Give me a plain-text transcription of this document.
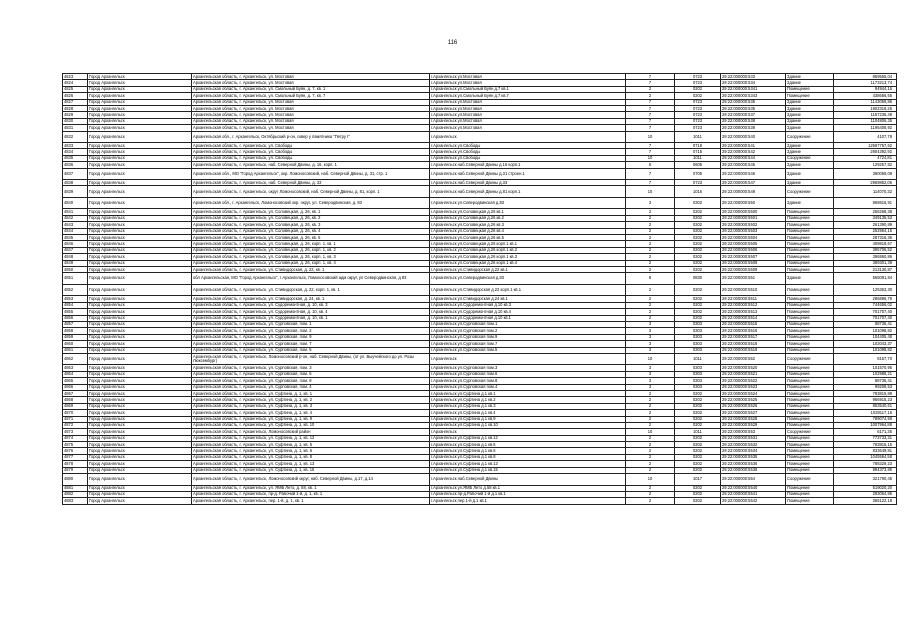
116
4823	Город Архангельск	Архангельская область, г. Архангельск, ул. Мостовая	г.Архангельск ул.Мостовая	7	0723	29:22:000000:533	Здание	859555,04
4824	Город Архангельск	Архангельская область, г. Архангельск, ул. Мостовая	г.Архангельск ул.Мостовая	7	0723	29:22:000000:534	Здание	1173213,74
4825	Город Архангельск	Архангельская область, г. Архангельск, ул. Смольный Буян, д. 7, кв. 1	г.Архангельск ул.Смольный Буян д.7 кв.1	2	0202	29:22:000000:5341	Помещение	94944,16
4826	Город Архангельск	Архангельская область, г. Архангельск, ул. Смольный Буян, д. 7, кв. 7	г.Архангельск ул.Смольный Буян д.7 кв.7	2	0202	29:22:000000:5343	Помещение	438656,55
4827	Город Архангельск	Архангельская область, г. Архангельск, ул. Мостовая	г.Архангельск ул.Мостовая	7	0723	29:22:000000:535	Здание	1143059,86
4828	Город Архангельск	Архангельская область, г. Архангельск, ул. Мостовая	г.Архангельск ул.Мостовая	7	0723	29:22:000000:535	Здание	1902319,25
4829	Город Архангельск	Архангельская область, г. Архангельск, ул. Мостовая	г.Архангельск ул.Мостовая	7	0723	29:22:000000:537	Здание	1157236,49
4830	Город Архангельск	Архангельская область, г. Архангельск, ул. Мостовая	г.Архангельск ул.Мостовая	7	0723	29:22:000000:538	Здание	1104806,35
4831	Город Архангельск	Архангельская область, г. Архангельск, ул. Мостовая	г.Архангельск ул.Мостовая	7	0723	29:22:000000:539	Здание	1195408,92
4832	Город Архангельск	Архангельская обл., г. Архангельск, Октябрьский р-он, сквер у памятника "Петру I"	г.Архангельск	10	1011	29:22:000000:540	Сооружение	4107,78
4833	Город Архангельск	Архангельская область, г. Архангельск, ул. Свободы	г.Архангельск ул.Свободы	7	0718	29:22:000000:541	Здание	12597757,62
4834	Город Архангельск	Архангельская область, г. Архангельск, ул. Свободы	г.Архангельск ул.Свободы	7	0715	29:22:000000:542	Здание	2904392,92
4835	Город Архангельск	Архангельская область, г. Архангельск, ул. Свободы	г.Архангельск ул.Свободы	10	1011	29:22:000000:544	Сооружение	4724,81
4836	Город Архангельск	Архангельская область, г. Архангельск, наб. Северной Двины, д. 16, корп. 1	г.Архангельск наб.Северной Двины д.16 корп.1	6	0605	29:22:000000:545	Здание	129257,82
4837	Город Архангельск	Архангельская обл., МО "Город Архангельск", окр. Ломоносовский, наб. Северной Двины, д. 31, стр. 1	г.Архангельск наб.Северной Двины д.31 строен.1	7	0705	29:22:000000:546	Здание	380059,09
4838	Город Архангельск	Архангельская область, г. Архангельск, наб. Северной Двины, д. 33	г.Архангельск наб.Северной Двины д.33	7	0723	29:22:000000:547	Здание	2969852,06
4839	Город Архангельск	Архангельская область, г. Архангельск, округ Ломоносовский, наб. Северной Двины, д. 81, корп. 1	г.Архангельск наб.Северной Двины д.81 корп.1	10	1016	29:22:000000:549	Сооружение	114070,32
4840	Город Архангельск	Архангельская обл., г. Архангельск, Ломоносовский окр. округ, ул. Северодвинская, д. 83	г.Архангельск ул.Северодвинская д.83	3	0302	29:22:000000:550	Здание	968816,91
4841	Город Архангельск	Архангельская область, г. Архангельск, ул. Соловецкая, д. 26, кв. 1	г.Архангельск ул.Соловецкая д.26 кв.1	2	0202	29:22:000000:5500	Помещение	256268,38
4842	Город Архангельск	Архангельская область, г. Архангельск, ул. Соловецкая, д. 26, кв. 2	г.Архангельск ул.Соловецкая д.26 кв.2	2	0202	29:22:000000:5501	Помещение	349135,53
4843	Город Архангельск	Архангельская область, г. Архангельск, ул. Соловецкая, д. 26, кв. 3	г.Архангельск ул.Соловецкая д.26 кв.3	2	0202	29:22:000000:5502	Помещение	261390,89
4844	Город Архангельск	Архангельская область, г. Архангельск, ул. Соловецкая, д. 26, кв. 4	г.Архангельск ул.Соловецкая д.26 кв.4	2	0202	29:22:000000:5503	Помещение	252954,15
4845	Город Архангельск	Архангельская область, г. Архангельск, ул. Соловецкая, д. 26, кв. 5	г.Архангельск ул.Соловецкая д.26 кв.5	2	0202	29:22:000000:5504	Помещение	287316,35
4846	Город Архангельск	Архангельская область, г. Архангельск, ул. Соловецкая, д. 26, корп. 1, кв. 1	г.Архангельск ул.Соловецкая д.26 корп.1 кв.1	2	0202	29:22:000000:5505	Помещение	409818,67
4847	Город Архангельск	Архангельская область, г. Архангельск, ул. Соловецкая, д. 26, корп. 1, кв. 2	г.Архангельск ул.Соловецкая д.26 корп.1 кв.2	2	0202	29:22:000000:5506	Помещение	395706,52
4848	Город Архангельск	Архангельская область, г. Архангельск, ул. Соловецкая, д. 26, корп. 1, кв. 3	г.Архангельск ул.Соловецкая д.26 корп.1 кв.3	2	0202	29:22:000000:5507	Помещение	396860,86
4849	Город Архангельск	Архангельская область, г. Архангельск, ул. Соловецкая, д. 26, корп. 1, кв. 4	г.Архангельск ул.Соловецкая д.26 корп.1 кв.4	2	0202	29:22:000000:5508	Помещение	389301,39
4850	Город Архангельск	Архангельская область, г. Архангельск, ул. Стивидорская, д. 22, кв. 1	г.Архангельск ул.Стивидорская д.22 кв.1	2	0202	29:22:000000:5509	Помещение	213130,87
4851	Город Архангельск	обл Архангельская, МО "Город Архангельск", г Архангельск, Ломоносовский адм округ, ул Северодвинская, д 83	г.Архангельск ул.Северодвинская д.83	8	0830	29:22:000000:551	Здание	565081,84
4852	Город Архангельск	Архангельская область, г. Архангельск, ул. Стивидорская, д. 22, корп. 1, кв. 1	г.Архангельск ул.Стивидорская д.22 корп.1 кв.1	2	0202	29:22:000000:5510	Помещение	125363,30
4853	Город Архангельск	Архангельская область, г. Архангельск, ул. Стивидорская, д. 24, кв. 1	г.Архангельск ул.Стивидорская д.24 кв.1	2	0202	29:22:000000:5511	Помещение	286896,79
4854	Город Архангельск	Архангельская область, г. Архангельск, ул. Судоремонтная, д. 10, кв. 3	г.Архангельск ул.Судоремонтная д.10 кв.3	2	0202	29:22:000000:5512	Помещение	744656,02
4855	Город Архангельск	Архангельская область, г. Архангельск, ул. Судоремонтная, д. 10, кв. 4	г.Архангельск ул.Судоремонтная д.10 кв.4	2	0202	29:22:000000:5513	Помещение	701707,40
4856	Город Архангельск	Архангельская область, г. Архангельск, ул. Судоремонтная, д. 10, кв. 1	г.Архангельск ул.Судоремонтная д.10 кв.1	2	0202	29:22:000000:5514	Помещение	701707,40
4857	Город Архангельск	Архангельская область, г. Архангельск, ул. Сурповская, пом. 1	г.Архангельск ул.Сурповская пом.1	3	0303	29:22:000000:5515	Помещение	88736,41
4858	Город Архангельск	Архангельская область, г. Архангельск, ул. Сурповская, пом. 2	г.Архангельск ул.Сурповская пом.2	3	0303	29:22:000000:5516	Помещение	101098,82
4859	Город Архангельск	Архангельская область, г. Архангельск, ул. Сурповская, пом. 9	г.Архангельск ул.Сурповская пом.9	3	0303	29:22:000000:5517	Помещение	104405,48
4860	Город Архангельск	Архангельская область, г. Архангельск, ул. Сурповская, пом. 7	г.Архангельск ул.Сурповская пом.7	3	0303	29:22:000000:5518	Помещение	102043,37
4861	Город Архангельск	Архангельская область, г. Архангельск, ул. Сурповская, пом. 5	г.Архангельск ул.Сурповская пом.5	3	0303	29:22:000000:5519	Помещение	101098,82
4862	Город Архангельск	Архангельская область, г. Архангельск, Ломоносовский р-он, наб. Северной Двины, (от ул. Выучейского до ул. Розы Люксембург)	г.Архангельск	10	1011	29:22:000000:552	Сооружение	8157,70
4863	Город Архангельск	Архангельская область, г. Архангельск, ул. Сурповская, пом. 3	г.Архангельск ул.Сурповская пом.3	3	0303	29:22:000000:5520	Помещение	101570,95
4864	Город Архангельск	Архангельская область, г. Архангельск, ул. Сурповская, пом. 6	г.Архангельск ул.Сурповская пом.6	3	0303	29:22:000000:5521	Помещение	102988,21
4865	Город Архангельск	Архангельская область, г. Архангельск, ул. Сурповская, пом. 8	г.Архангельск ул.Сурповская пом.8	3	0303	29:22:000000:5522	Помещение	88736,41
4866	Город Архангельск	Архангельская область, г. Архангельск, ул. Сурповская, пом. 4	г.Архангельск ул.Сурповская пом.4	3	0303	29:22:000000:5523	Помещение	99208,53
4867	Город Архангельск	Архангельская область, г. Архангельск, ул. Суфтина, д. 1, кв. 1	г.Архангельск ул.Суфтина д.1 кв.1	2	0202	29:22:000000:5524	Помещение	783815,89
4868	Город Архангельск	Архангельская область, г. Архангельск, ул. Суфтина, д. 1, кв. 2	г.Архангельск ул.Суфтина д.1 кв.2	2	0202	29:22:000000:5525	Помещение	966915,23
4869	Город Архангельск	Архангельская область, г. Архангельск, ул. Суфтина, д. 1, кв. 3	г.Архангельск ул.Суфтина д.1 кв.3	2	0202	29:22:000000:5526	Помещение	853540,61
4870	Город Архангельск	Архангельская область, г. Архангельск, ул. Суфтина, д. 1, кв. 4	г.Архангельск ул.Суфтина д.1 кв.4	2	0202	29:22:000000:5527	Помещение	1028117,16
4871	Город Архангельск	Архангельская область, г. Архангельск, ул. Суфтина, д. 1, кв. 9	г.Архангельск ул.Суфтина д.1 кв.9	2	0202	29:22:000000:5528	Помещение	789074,59
4872	Город Архангельск	Архангельская область, г. Архангельск, ул. Суфтина, д. 1, кв. 10	г.Архангельск ул.Суфтина д.1 кв.10	2	0202	29:22:000000:5529	Помещение	1007964,88
4873	Город Архангельск	Архангельская область, г. Архангельск, Ломоносовский район	г.Архангельск	10	1011	29:22:000000:553	Сооружение	6171,35
4874	Город Архангельск	Архангельская область, г. Архангельск, ул. Суфтина, д. 1, кв. 12	г.Архангельск ул.Суфтина д.1 кв.12	2	0202	29:22:000000:5531	Помещение	773733,31
4875	Город Архангельск	Архангельская область, г. Архангельск, ул. Суфтина, д. 1, кв. 5	г.Архангельск ул.Суфтина д.1 кв.5	2	0202	29:22:000000:5532	Помещение	783815,15
4876	Город Архангельск	Архангельская область, г. Архангельск, ул. Суфтина, д. 1, кв. 6	г.Архангельск ул.Суфтина д.1 кв.6	2	0202	29:22:000000:5534	Помещение	833649,81
4877	Город Архангельск	Архангельская область, г. Архангельск, ул. Суфтина, д. 1, кв. 8	г.Архангельск ул.Суфтина д.1 кв.8	2	0202	29:22:000000:5535	Помещение	1045564,58
4878	Город Архангельск	Архангельская область, г. Архангельск, ул. Суфтина, д. 1, кв. 13	г.Архангельск ул.Суфтина д.1 кв.13	2	0202	29:22:000000:5536	Помещение	788329,23
4879	Город Архангельск	Архангельская область, г. Архангельск, ул. Суфтина, д. 1, кв. 15	г.Архангельск ул.Суфтина д.1 кв.15	2	0202	29:22:000000:5538	Помещение	994373,85
4880	Город Архангельск	Архангельская область, г. Архангельск, Ломоносовский округ, наб. Северной Двины, д.17, д.14	г.Архангельск наб.Северной Двины	10	1017	29:22:000000:554	Сооружение	321790,45
4881	Город Архангельск	Архангельская область, г. Архангельск, ул. ЯМБ Лето, д. 58, кв. 1	г.Архангельск ул.ЯМБ Лето д.58 кв.1	2	0202	29:22:000000:5540	Помещение	519020,20
4882	Город Архангельск	Архангельская область, г. Архангельск, пр-д. Рабочий 1-й, д. 1, кв. 1	г.Архангельск пр-д.Рабочий 1-й д.1 кв.1	2	0202	29:22:000000:5541	Помещение	283064,86
4883	Город Архангельск	Архангельская область, г. Архангельск, пер. 1-й, д. 1, кв. 1	г.Архангельск пер.1-й д.1 кв.1	2	0202	29:22:000000:5542	Помещение	365122,18
